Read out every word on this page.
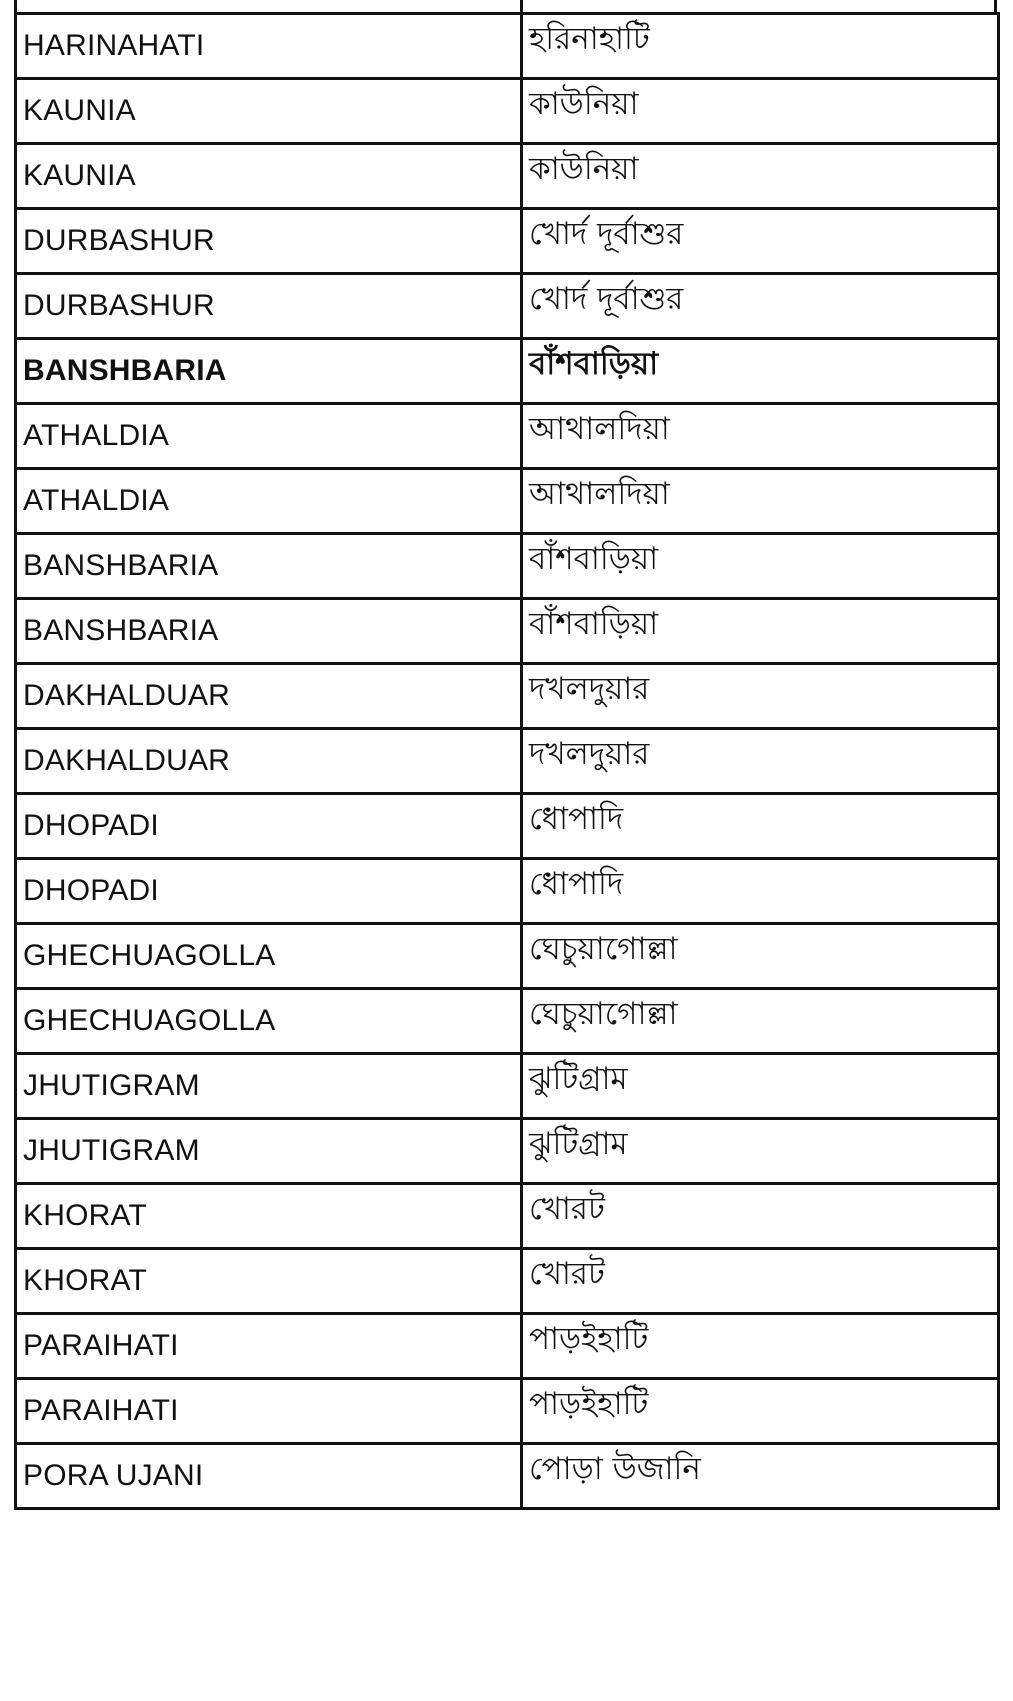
HARINAHATI	হরিনাহাটি
KAUNIA	কাউনিয়া
KAUNIA	কাউনিয়া
DURBASHUR	খোর্দ দূর্বাশুর
DURBASHUR	খোর্দ দূর্বাশুর
BANSHBARIA	বাঁশবাড়িয়া
ATHALDIA	আথালদিয়া
ATHALDIA	আথালদিয়া
BANSHBARIA	বাঁশবাড়িয়া
BANSHBARIA	বাঁশবাড়িয়া
DAKHALDUAR	দখলদুয়ার
DAKHALDUAR	দখলদুয়ার
DHOPADI	ধোপাদি
DHOPADI	ধোপাদি
GHECHUAGOLLA	ঘেচুয়াগোল্লা
GHECHUAGOLLA	ঘেচুয়াগোল্লা
JHUTIGRAM	ঝুটিগ্রাম
JHUTIGRAM	ঝুটিগ্রাম
KHORAT	খোরট
KHORAT	খোরট
PARAIHATI	পাড়ইহাটি
PARAIHATI	পাড়ইহাটি
PORA UJANI	পোড়া উজানি
